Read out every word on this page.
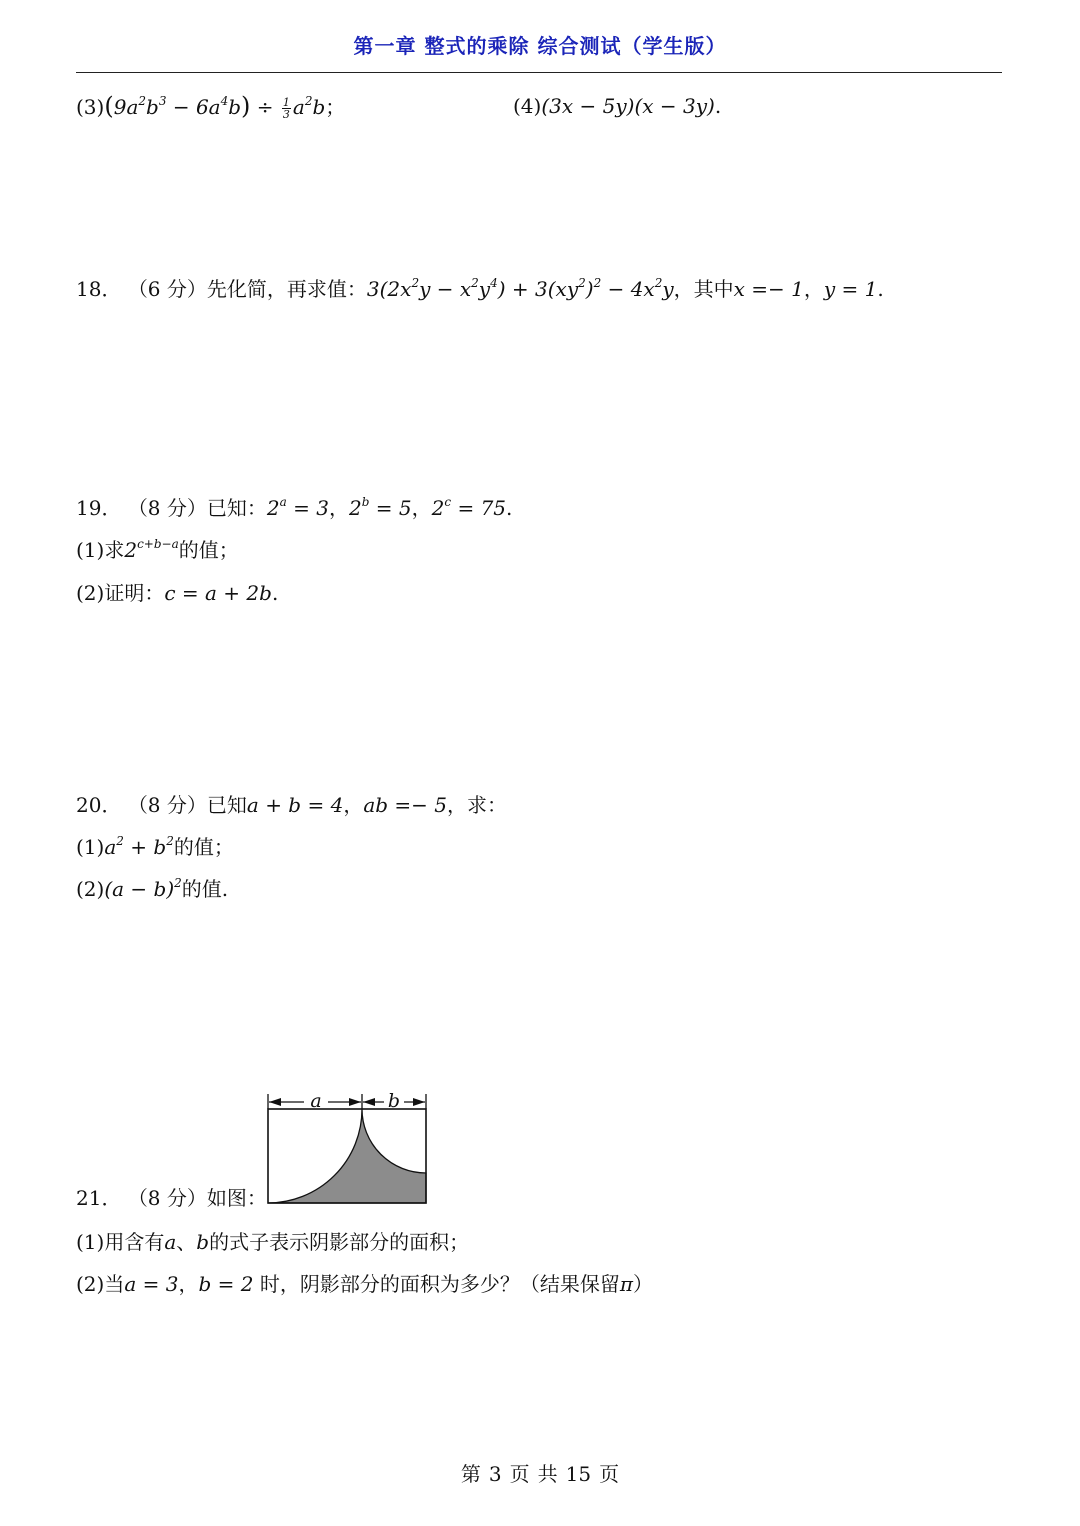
第一章 整式的乘除 综合测试（学生版）
$(3)(9a^2b^3 - 6a^4b) \div \frac{1}{3} a^2b$；	(4)(3x − 5y)(x − 3y).
18． （6 分）先化简，再求值：$3(2x^2y - x^2y^4) + 3(xy^2)^2 - 4x^2y$，其中x =− 1，y = 1.
19． （8 分）已知：$2^a = 3$，$2^b = 5$，$2^c = 75$.
(1)求$2^{c+b-a}$的值；
(2)证明：c = a + 2b.
20． （8 分）已知a + b = 4，ab =− 5，求：
$(1)a^2 + b^2$的值；
$(2)(a - b)^2$的值.
21． （8 分）如图：
a	b
(1)用含有a、b的式子表示阴影部分的面积；
(2)当a = 3，b = 2 时，阴影部分的面积为多少？（结果保留π）
第 3 页 共 15 页
